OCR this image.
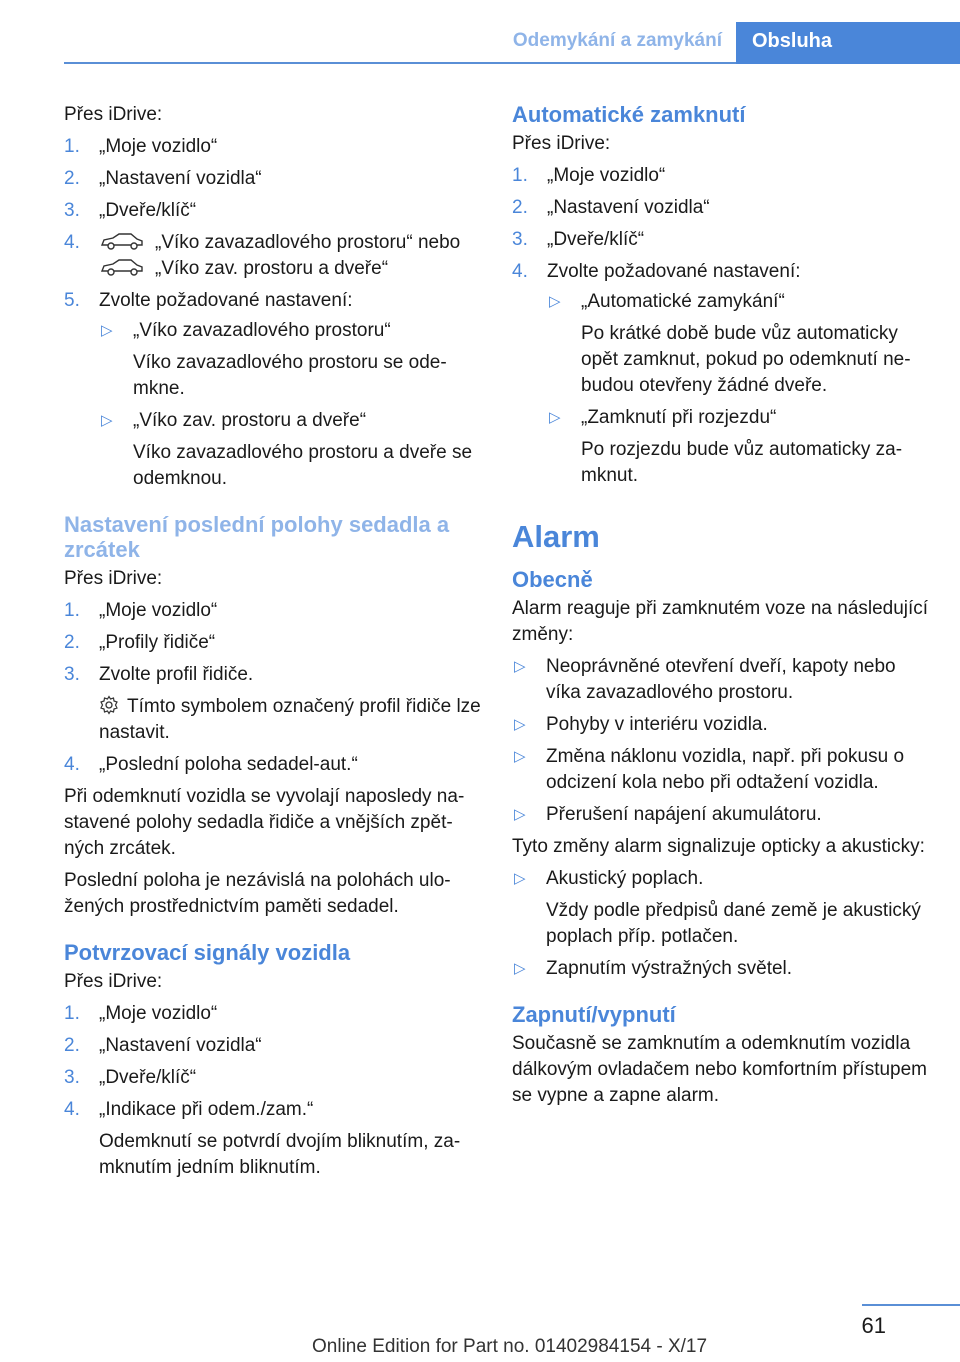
Odemykání a zamykání	Obsluha

Přes iDrive:

1. „Moje vozidlo“
2. „Nastavení vozidla“
3. „Dveře/klíč“
4.	„Víko zavazadlového prostoru“ nebo
„Víko zav. prostoru a dveře“
5. Zvolte požadované nastavení:
▷ „Víko zavazadlového prostoru“
Víko zavazadlového prostoru se odemkne.
▷ „Víko zav. prostoru a dveře“
Víko zavazadlového prostoru a dveře se odemknou.
Nastavení poslední polohy sedadla a zrcátek

Přes iDrive:

1. „Moje vozidlo“
2. „Profily řidiče“
3. Zvolte profil řidiče.
Tímto symbolem označený profil řidiče lze nastavit.
4. „Poslední poloha sedadel-aut.“

Při odemknutí vozidla se vyvolají naposledy nastavené polohy sedadla řidiče a vnějších zpětných zrcátek.

Poslední poloha je nezávislá na polohách uložených prostřednictvím paměti sedadel.

Potvrzovací signály vozidla

Přes iDrive:

1. „Moje vozidlo“
2. „Nastavení vozidla“
3. „Dveře/klíč“
4. „Indikace při odem./zam.“
Odemknutí se potvrdí dvojím bliknutím, zamknutím jedním bliknutím.
Automatické zamknutí

Přes iDrive:

1. „Moje vozidlo“
2. „Nastavení vozidla“
3. „Dveře/klíč“
4. Zvolte požadované nastavení:
▷ „Automatické zamykání“
Po krátké době bude vůz automaticky opět zamknut, pokud po odemknutí nebudou otevřeny žádné dveře.
▷ „Zamknutí při rozjezdu“
Po rozjezdu bude vůz automaticky zamknut.
Alarm
Obecně

Alarm reaguje při zamknutém voze na následující změny:

▷ Neoprávněné otevření dveří, kapoty nebo víka zavazadlového prostoru.
▷ Pohyby v interiéru vozidla.
▷ Změna náklonu vozidla, např. při pokusu o odcizení kola nebo při odtažení vozidla.
▷ Přerušení napájení akumulátoru.

Tyto změny alarm signalizuje opticky a akusticky:

▷ Akustický poplach.
Vždy podle předpisů dané země je akustický poplach příp. potlačen.
▷ Zapnutím výstražných světel.
Zapnutí/vypnutí

Současně se zamknutím a odemknutím vozidla dálkovým ovladačem nebo komfortním přístupem se vypne a zapne alarm.

61
Online Edition for Part no. 01402984154 - X/17
